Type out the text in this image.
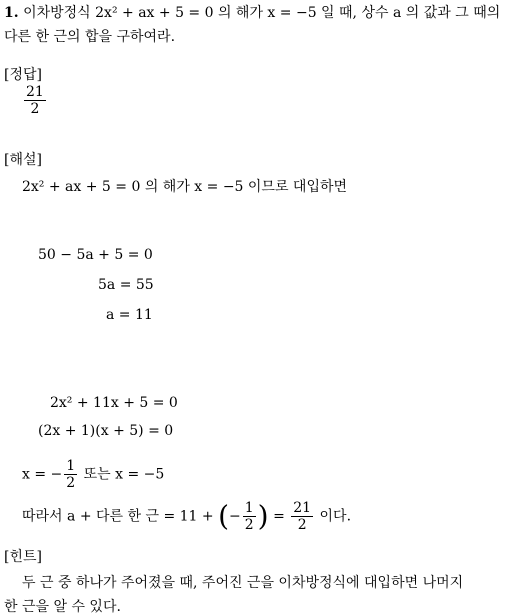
1. 이차방정식 2x² + ax + 5 = 0 의 해가 x = −5 일 때, 상수 a 의 값과 그 때의
다른 한 근의 합을 구하여라.
[정답]
$\frac{21}{2}$
[해설]
2x² + ax + 5 = 0 의 해가 x = −5 이므로 대입하면
50 − 5a + 5 = 0
5a = 55
a = 11
2x² + 11x + 5 = 0
(2x + 1)(x + 5) = 0
x = − $\frac{1}{2}$ 또는 x = −5
따라서 a + 다른 한 근 = 11 + (− $\frac{1}{2}$ ) = $\frac{21}{2}$ 이다.
[힌트]
두 근 중 하나가 주어졌을 때, 주어진 근을 이차방정식에 대입하면 나머지
한 근을 알 수 있다.
